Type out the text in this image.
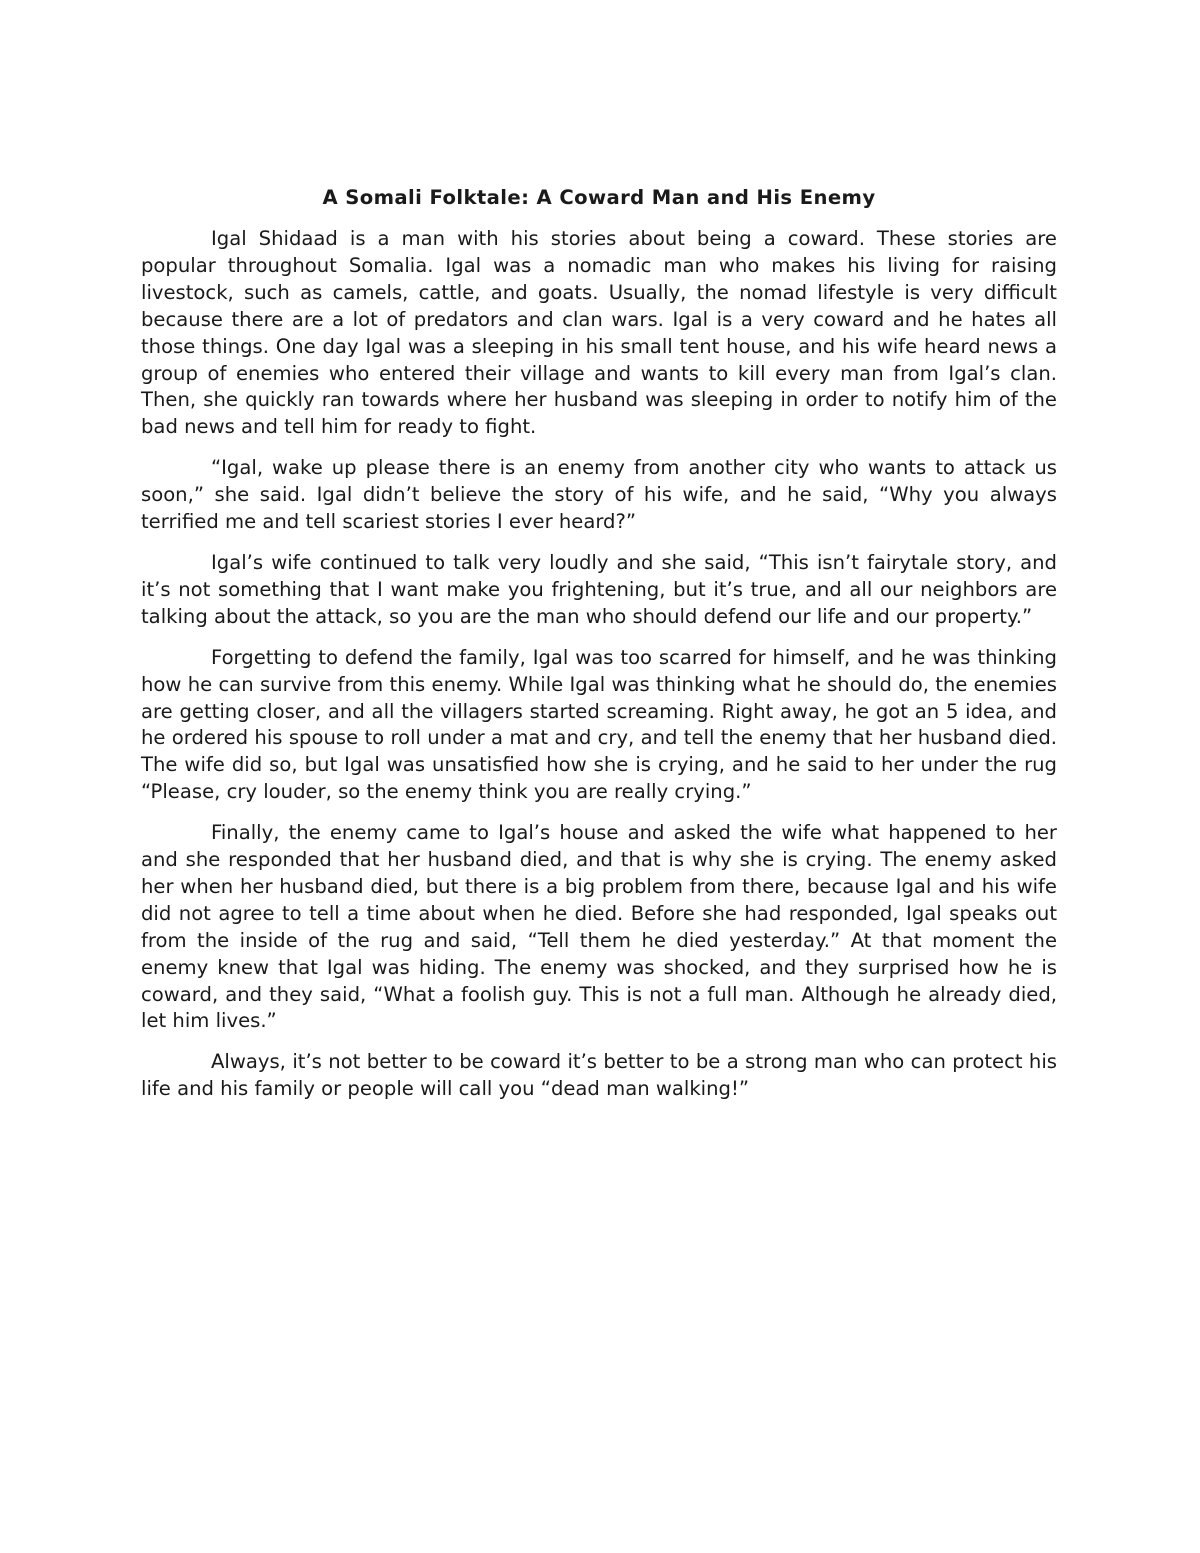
A Somali Folktale: A Coward Man and His Enemy

Igal Shidaad is a man with his stories about being a coward. These stories are popular throughout Somalia. Igal was a nomadic man who makes his living for raising livestock, such as camels, cattle, and goats. Usually, the nomad lifestyle is very difficult because there are a lot of predators and clan wars. Igal is a very coward and he hates all those things. One day Igal was a sleeping in his small tent house, and his wife heard news a group of enemies who entered their village and wants to kill every man from Igal’s clan. Then, she quickly ran towards where her husband was sleeping in order to notify him of the bad news and tell him for ready to fight.

“Igal, wake up please there is an enemy from another city who wants to attack us soon,” she said. Igal didn’t believe the story of his wife, and he said, “Why you always terrified me and tell scariest stories I ever heard?”

Igal’s wife continued to talk very loudly and she said, “This isn’t fairytale story, and it’s not something that I want make you frightening, but it’s true, and all our neighbors are talking about the attack, so you are the man who should defend our life and our property.”

Forgetting to defend the family, Igal was too scarred for himself, and he was thinking how he can survive from this enemy. While Igal was thinking what he should do, the enemies are getting closer, and all the villagers started screaming. Right away, he got an 5 idea, and he ordered his spouse to roll under a mat and cry, and tell the enemy that her husband died. The wife did so, but Igal was unsatisfied how she is crying, and he said to her under the rug “Please, cry louder, so the enemy think you are really crying.”

Finally, the enemy came to Igal’s house and asked the wife what happened to her and she responded that her husband died, and that is why she is crying. The enemy asked her when her husband died, but there is a big problem from there, because Igal and his wife did not agree to tell a time about when he died. Before she had responded, Igal speaks out from the inside of the rug and said, “Tell them he died yesterday.” At that moment the enemy knew that Igal was hiding. The enemy was shocked, and they surprised how he is coward, and they said, “What a foolish guy. This is not a full man. Although he already died, let him lives.”

Always, it’s not better to be coward it’s better to be a strong man who can protect his life and his family or people will call you “dead man walking!”
